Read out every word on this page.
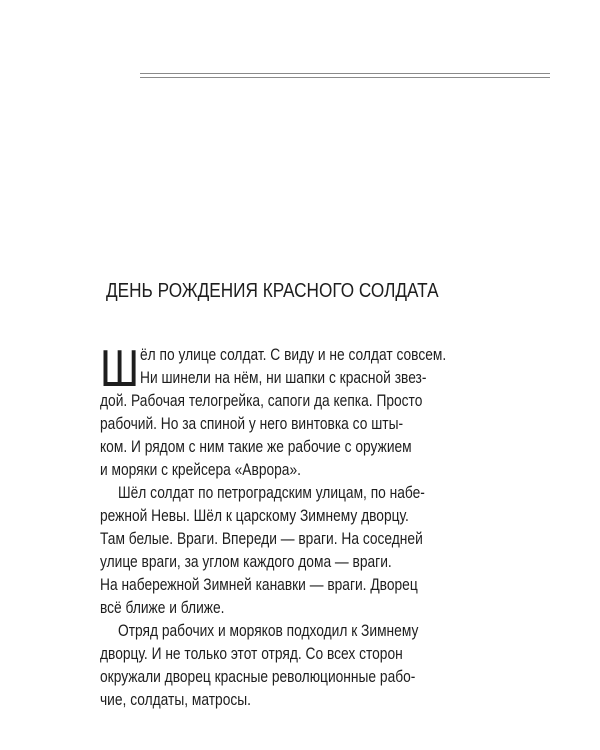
ДЕНЬ РОЖДЕНИЯ КРАСНОГО СОЛДАТА
Ш ёл по улице солдат. С виду и не солдат совсем.
Ни шинели на нём, ни шапки с красной звез-
дой. Рабочая телогрейка, сапоги да кепка. Просто
рабочий. Но за спиной у него винтовка со шты-
ком. И рядом с ним такие же рабочие с оружием
и моряки с крейсера «Аврора».
Шёл солдат по петроградским улицам, по набе-
режной Невы. Шёл к царскому Зимнему дворцу.
Там белые. Враги. Впереди — враги. На соседней
улице враги, за углом каждого дома — враги.
На набережной Зимней канавки — враги. Дворец
всё ближе и ближе.
Отряд рабочих и моряков подходил к Зимнему
дворцу. И не только этот отряд. Со всех сторон
окружали дворец красные революционные рабо-
чие, солдаты, матросы.
